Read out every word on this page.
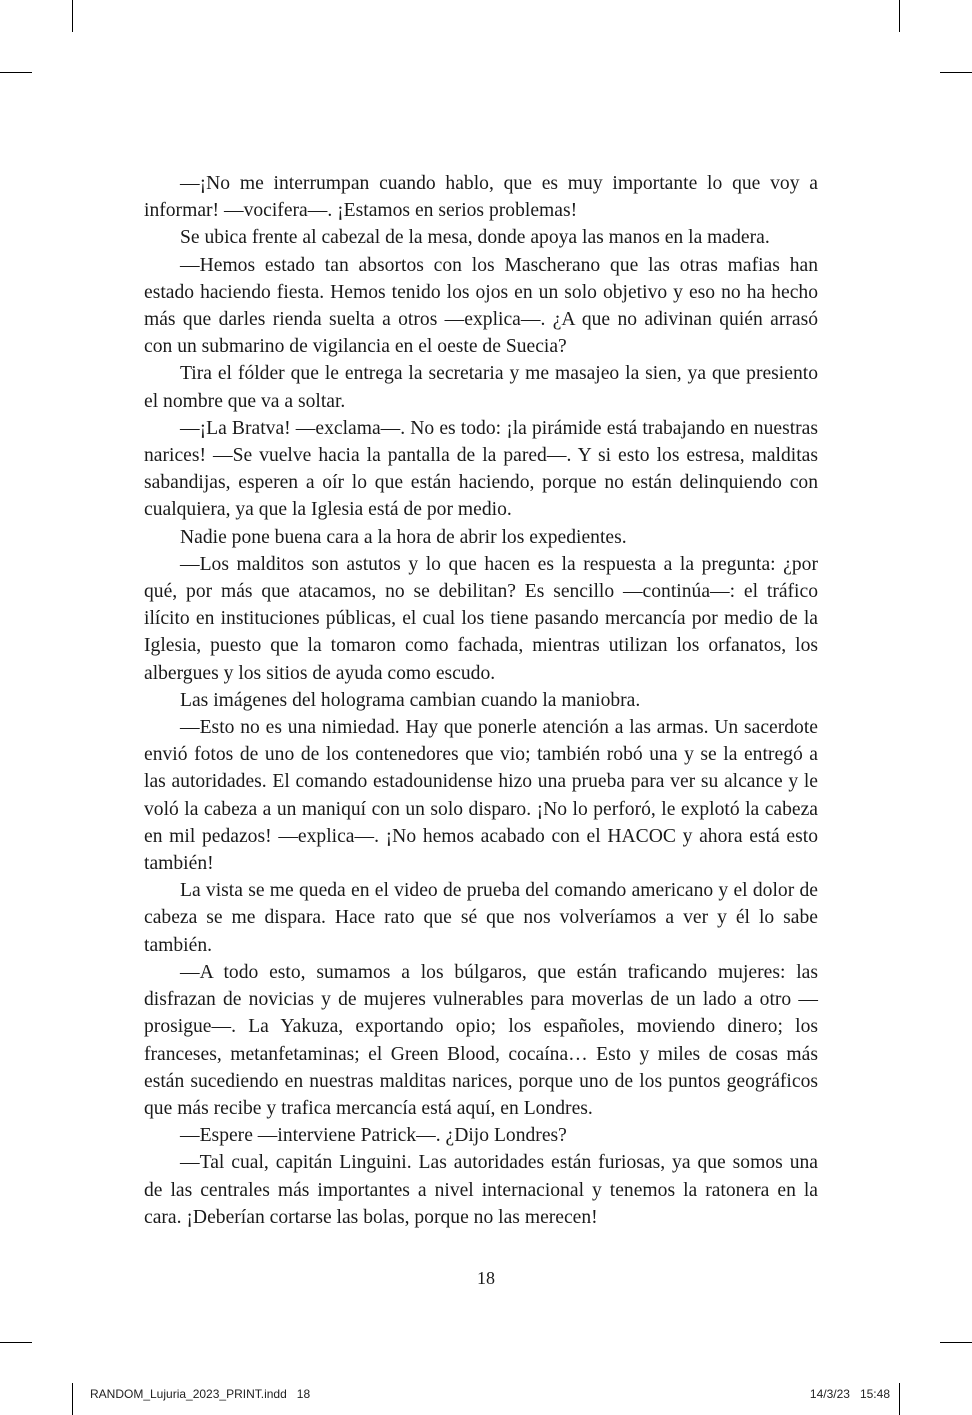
—¡No me interrumpan cuando hablo, que es muy importante lo que voy a informar! —vocifera—. ¡Estamos en serios problemas!

Se ubica frente al cabezal de la mesa, donde apoya las manos en la madera.

—Hemos estado tan absortos con los Mascherano que las otras mafias han estado haciendo fiesta. Hemos tenido los ojos en un solo objetivo y eso no ha hecho más que darles rienda suelta a otros —explica—. ¿A que no adivinan quién arrasó con un submarino de vigilancia en el oeste de Suecia?

Tira el fólder que le entrega la secretaria y me masajeo la sien, ya que presiento el nombre que va a soltar.

—¡La Bratva! —exclama—. No es todo: ¡la pirámide está trabajando en nuestras narices! —Se vuelve hacia la pantalla de la pared—. Y si esto los estresa, malditas sabandijas, esperen a oír lo que están haciendo, porque no están delinquiendo con cualquiera, ya que la Iglesia está de por medio.

Nadie pone buena cara a la hora de abrir los expedientes.

—Los malditos son astutos y lo que hacen es la respuesta a la pregunta: ¿por qué, por más que atacamos, no se debilitan? Es sencillo —continúa—: el tráfico ilícito en instituciones públicas, el cual los tiene pasando mercancía por medio de la Iglesia, puesto que la tomaron como fachada, mientras utilizan los orfanatos, los albergues y los sitios de ayuda como escudo.

Las imágenes del holograma cambian cuando la maniobra.

—Esto no es una nimiedad. Hay que ponerle atención a las armas. Un sacerdote envió fotos de uno de los contenedores que vio; también robó una y se la entregó a las autoridades. El comando estadounidense hizo una prueba para ver su alcance y le voló la cabeza a un maniquí con un solo disparo. ¡No lo perforó, le explotó la cabeza en mil pedazos! —explica—. ¡No hemos acabado con el HACOC y ahora está esto también!

La vista se me queda en el video de prueba del comando americano y el dolor de cabeza se me dispara. Hace rato que sé que nos volveríamos a ver y él lo sabe también.

—A todo esto, sumamos a los búlgaros, que están traficando mujeres: las disfrazan de novicias y de mujeres vulnerables para moverlas de un lado a otro —prosigue—. La Yakuza, exportando opio; los españoles, moviendo dinero; los franceses, metanfetaminas; el Green Blood, cocaína… Esto y miles de cosas más están sucediendo en nuestras malditas narices, porque uno de los puntos geográficos que más recibe y trafica mercancía está aquí, en Londres.

—Espere —interviene Patrick—. ¿Dijo Londres?

—Tal cual, capitán Linguini. Las autoridades están furiosas, ya que somos una de las centrales más importantes a nivel internacional y tenemos la ratonera en la cara. ¡Deberían cortarse las bolas, porque no las merecen!

18
RANDOM_Lujuria_2023_PRINT.indd   18	14/3/23   15:48
